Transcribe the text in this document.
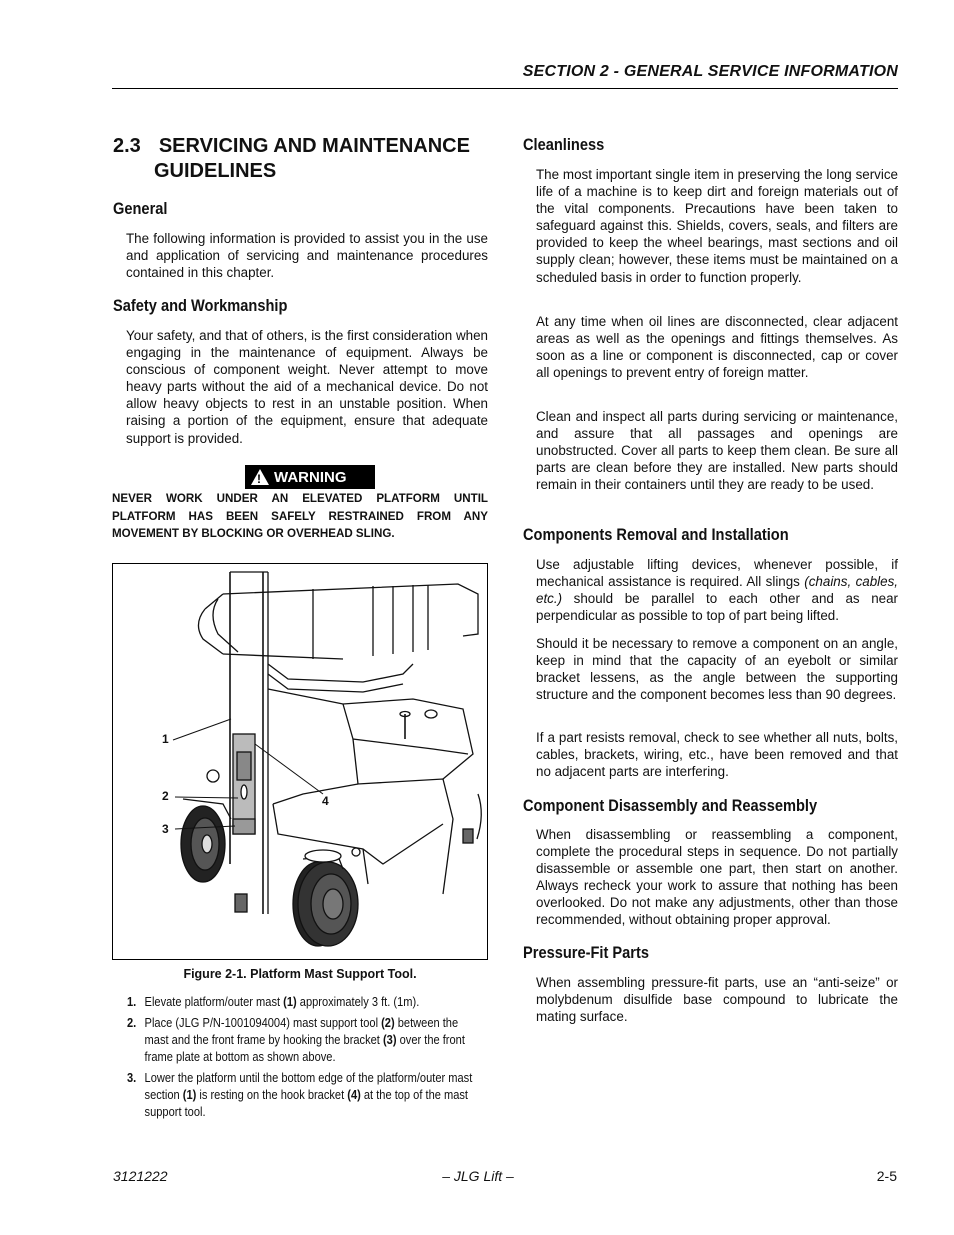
SECTION 2 - GENERAL SERVICE INFORMATION
2.3 SERVICING AND MAINTENANCE
GUIDELINES
General
The following information is provided to assist you in the use and application of servicing and maintenance procedures contained in this chapter.
Safety and Workmanship
Your safety, and that of others, is the first consideration when engaging in the maintenance of equipment. Always be conscious of component weight. Never attempt to move heavy parts without the aid of a mechanical device. Do not allow heavy objects to rest in an unstable position. When raising a portion of the equipment, ensure that adequate support is provided.
! WARNING
NEVER WORK UNDER AN ELEVATED PLATFORM UNTIL PLATFORM HAS BEEN SAFELY RESTRAINED FROM ANY MOVEMENT BY BLOCKING OR OVERHEAD SLING.
1
2
3
4
Figure 2-1. Platform Mast Support Tool.
1. Elevate platform/outer mast (1) approximately 3 ft. (1m).
2. Place (JLG P/N-1001094004) mast support tool (2) between the mast and the front frame by hooking the bracket (3) over the front frame plate at bottom as shown above.
3. Lower the platform until the bottom edge of the platform/outer mast section (1) is resting on the hook bracket (4) at the top of the mast support tool.
Cleanliness
The most important single item in preserving the long service life of a machine is to keep dirt and foreign materials out of the vital components. Precautions have been taken to safeguard against this. Shields, covers, seals, and filters are provided to keep the wheel bearings, mast sections and oil supply clean; however, these items must be maintained on a scheduled basis in order to function properly.
At any time when oil lines are disconnected, clear adjacent areas as well as the openings and fittings themselves. As soon as a line or component is disconnected, cap or cover all openings to prevent entry of foreign matter.
Clean and inspect all parts during servicing or maintenance, and assure that all passages and openings are unobstructed. Cover all parts to keep them clean. Be sure all parts are clean before they are installed. New parts should remain in their containers until they are ready to be used.
Components Removal and Installation
Use adjustable lifting devices, whenever possible, if mechanical assistance is required. All slings (chains, cables, etc.) should be parallel to each other and as near perpendicular as possible to top of part being lifted.
Should it be necessary to remove a component on an angle, keep in mind that the capacity of an eyebolt or similar bracket lessens, as the angle between the supporting structure and the component becomes less than 90 degrees.
If a part resists removal, check to see whether all nuts, bolts, cables, brackets, wiring, etc., have been removed and that no adjacent parts are interfering.
Component Disassembly and Reassembly
When disassembling or reassembling a component, complete the procedural steps in sequence. Do not partially disassemble or assemble one part, then start on another. Always recheck your work to assure that nothing has been overlooked. Do not make any adjustments, other than those recommended, without obtaining proper approval.
Pressure-Fit Parts
When assembling pressure-fit parts, use an “anti-seize” or molybdenum disulfide base compound to lubricate the mating surface.
3121222	– JLG Lift –	2-5
